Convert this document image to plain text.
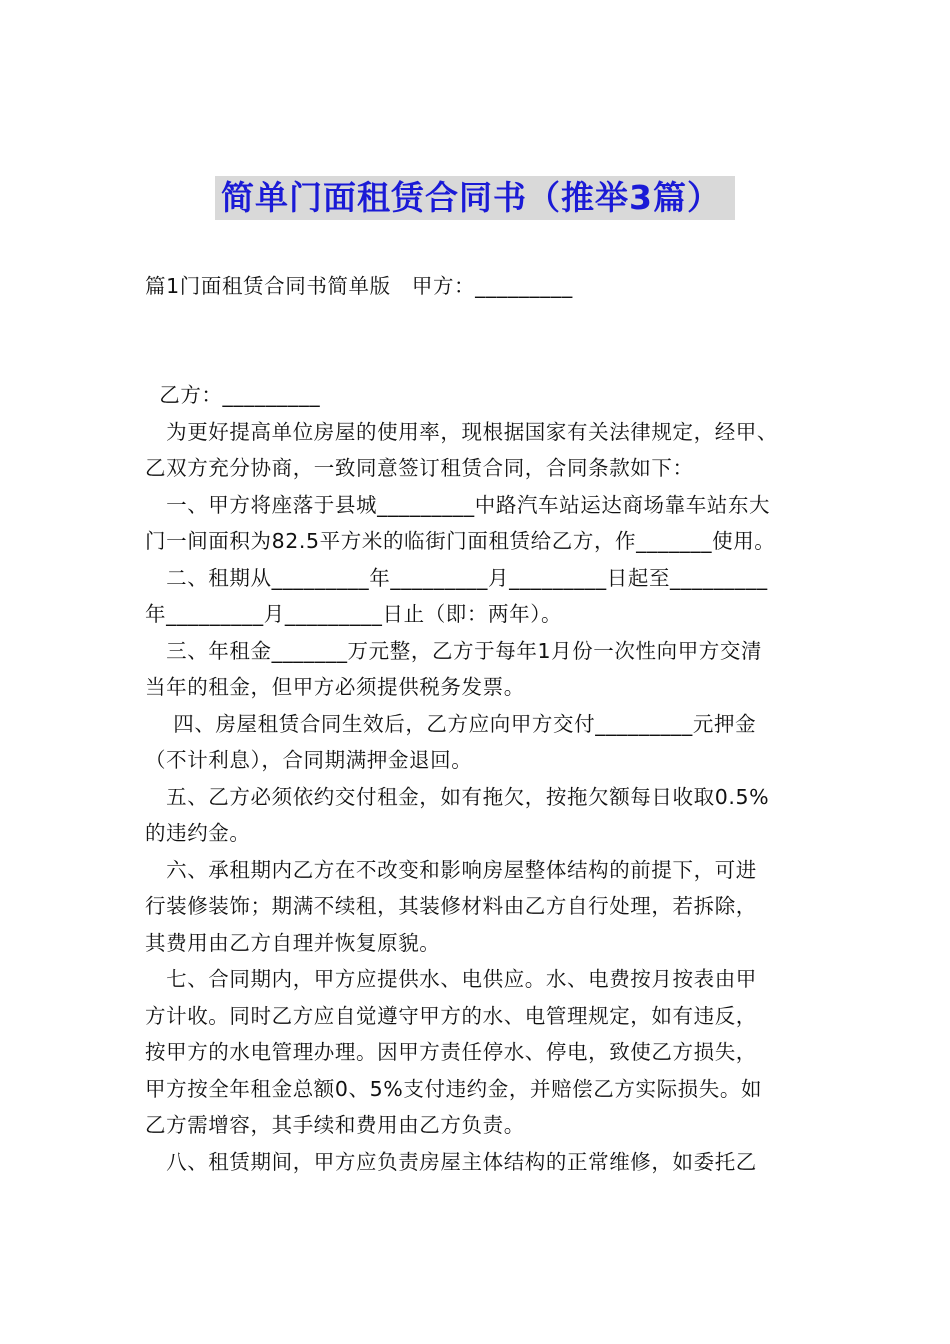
简单门面租赁合同书（推举3篇）
篇1门面租赁合同书简单版　甲方：_________
乙方：_________
　为更好提高单位房屋的使用率，现根据国家有关法律规定，经甲、
乙双方充分协商，一致同意签订租赁合同，合同条款如下：
　一、甲方将座落于县城_________中路汽车站运达商场靠车站东大
门一间面积为82.5平方米的临街门面租赁给乙方，作_______使用。
　二、租期从_________年_________月_________日起至_________
年_________月_________日止（即：两年）。
　三、年租金_______万元整，乙方于每年1月份一次性向甲方交清
当年的租金，但甲方必须提供税务发票。
　 四、房屋租赁合同生效后，乙方应向甲方交付_________元押金
（不计利息），合同期满押金退回。
　五、乙方必须依约交付租金，如有拖欠，按拖欠额每日收取0.5%
的违约金。
　六、承租期内乙方在不改变和影响房屋整体结构的前提下，可进
行装修装饰；期满不续租，其装修材料由乙方自行处理，若拆除，
其费用由乙方自理并恢复原貌。
　七、合同期内，甲方应提供水、电供应。水、电费按月按表由甲
方计收。同时乙方应自觉遵守甲方的水、电管理规定，如有违反，
按甲方的水电管理办理。因甲方责任停水、停电，致使乙方损失，
甲方按全年租金总额0、5%支付违约金，并赔偿乙方实际损失。如
乙方需增容，其手续和费用由乙方负责。
　八、租赁期间，甲方应负责房屋主体结构的正常维修，如委托乙
